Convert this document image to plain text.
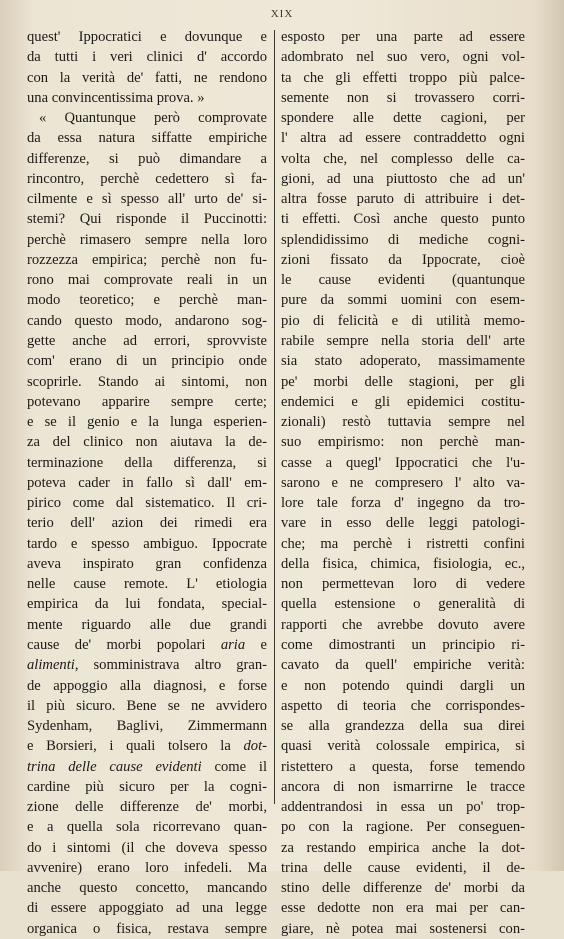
XIX
quest' Ippocratici e dovunque e
da tutti i veri clinici d' accordo
con la verità de' fatti, ne rendono
una convincentissima prova. »
« Quantunque però comprovate
da essa natura siffatte empiriche
differenze, si può dimandare a
rincontro, perchè cedettero sì fa-
cilmente e sì spesso all' urto de' si-
stemi? Qui risponde il Puccinotti:
perchè rimasero sempre nella loro
rozzezza empirica; perchè non fu-
rono mai comprovate reali in un
modo teoretico; e perchè man-
cando questo modo, andarono sog-
gette anche ad errori, sprovviste
com' erano di un principio onde
scoprirle. Stando ai sintomi, non
potevano apparire sempre certe;
e se il genio e la lunga esperien-
za del clinico non aiutava la de-
terminazione della differenza, si
poteva cader in fallo sì dall' em-
pirico come dal sistematico. Il cri-
terio dell' azion dei rimedi era
tardo e spesso ambiguo. Ippocrate
aveva inspirato gran confidenza
nelle cause remote. L' etiologia
empirica da lui fondata, special-
mente riguardo alle due grandi
cause de' morbi popolari aria e
alimenti, somministrava altro gran-
de appoggio alla diagnosi, e forse
il più sicuro. Bene se ne avvidero
Sydenham, Baglivi, Zimmermann
e Borsieri, i quali tolsero la dot-
trina delle cause evidenti come il
cardine più sicuro per la cogni-
zione delle differenze de' morbi,
e a quella sola ricorrevano quan-
do i sintomi (il che doveva spesso
avvenire) erano loro infedeli. Ma
anche questo concetto, mancando
di essere appoggiato ad una legge
organica o fisica, restava sempre
esposto per una parte ad essere
adombrato nel suo vero, ogni vol-
ta che gli effetti troppo più palce-
semente non si trovassero corri-
spondere alle dette cagioni, per
l' altra ad essere contraddetto ogni
volta che, nel complesso delle ca-
gioni, ad una piuttosto che ad un'
altra fosse paruto di attribuire i det-
ti effetti. Così anche questo punto
splendidissimo di mediche cogni-
zioni fissato da Ippocrate, cioè
le cause evidenti (quantunque
pure da sommi uomini con esem-
pio di felicità e di utilità memo-
rabile sempre nella storia dell' arte
sia stato adoperato, massimamente
pe' morbi delle stagioni, per gli
endemici e gli epidemici costitu-
zionali) restò tuttavia sempre nel
suo empirismo: non perchè man-
casse a quegl' Ippocratici che l'u-
sarono e ne compresero l' alto va-
lore tale forza d' ingegno da tro-
vare in esso delle leggi patologi-
che; ma perchè i ristretti confini
della fisica, chimica, fisiologia, ec.,
non permettevan loro di vedere
quella estensione o generalità di
rapporti che avrebbe dovuto avere
come dimostranti un principio ri-
cavato da quell' empiriche verità:
e non potendo quindi dargli un
aspetto di teoria che corrispondes-
se alla grandezza della sua direi
quasi verità colossale empirica, si
ristettero a questa, forse temendo
ancora di non ismarrirne le tracce
addentrandosi in essa un po' trop-
po con la ragione. Per conseguen-
za restando empirica anche la dot-
trina delle cause evidenti, il de-
stino delle differenze de' morbi da
esse dedotte non era mai per can-
giare, nè potea mai sostenersi con-
